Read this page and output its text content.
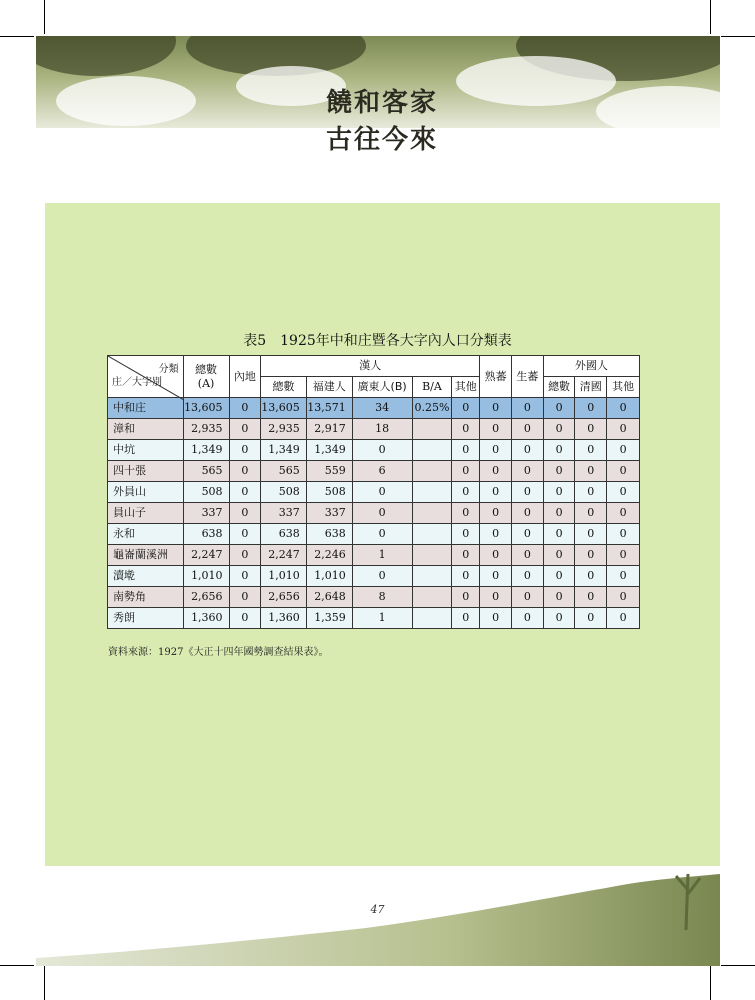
饒和客家古往今來
表5　1925年中和庄暨各大字內人口分類表
分類
庄／大字別	總數
(A)	內地	漢人					熟蕃	生蕃	外國人		
			總數	福建人	廣東人(B)	B/A	其他			總數	清國	其他
中和庄	13,605	0	13,605	13,571	34	0.25%	0	0	0	0	0	0
漳和	2,935	0	2,935	2,917	18		0	0	0	0	0	0
中坑	1,349	0	1,349	1,349	0		0	0	0	0	0	0
四十張	565	0	565	559	6		0	0	0	0	0	0
外員山	508	0	508	508	0		0	0	0	0	0	0
員山子	337	0	337	337	0		0	0	0	0	0	0
永和	638	0	638	638	0		0	0	0	0	0	0
龜崙蘭溪洲	2,247	0	2,247	2,246	1		0	0	0	0	0	0
瀆墘	1,010	0	1,010	1,010	0		0	0	0	0	0	0
南勢角	2,656	0	2,656	2,648	8		0	0	0	0	0	0
秀朗	1,360	0	1,360	1,359	1		0	0	0	0	0	0
資料來源：1927《大正十四年國勢調查結果表》。
47
